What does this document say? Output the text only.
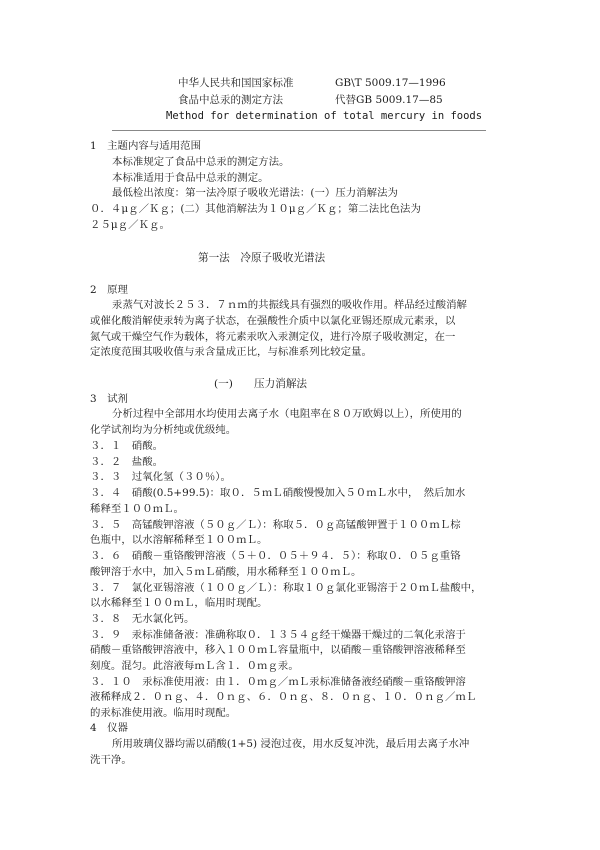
中华人民共和国国家标准	GB\T 5009.17—1996
食品中总汞的测定方法	代替GB 5009.17—85
Method for determination of total mercury in foods
1　主题内容与适用范围
本标准规定了食品中总汞的测定方法。
本标准适用于食品中总汞的测定。
最低检出浓度：第一法冷原子吸收光谱法：(一）压力消解法为
０．４μｇ／Ｋｇ；(二）其他消解法为１０μｇ／Ｋｇ；第二法比色法为
２５μｇ／Ｋｇ。
第一法　冷原子吸收光谱法
2　原理
汞蒸气对波长２５３．７ｎｍ的共振线具有强烈的吸收作用。样品经过酸消解
或催化酸消解使汞转为离子状态，在强酸性介质中以氯化亚锡还原成元素汞，以
氮气或干燥空气作为载体，将元素汞吹入汞测定仪，进行冷原子吸收测定，在一
定浓度范围其吸收值与汞含量成正比，与标准系列比较定量。
(一)　　压力消解法
3　试剂
分析过程中全部用水均使用去离子水（电阻率在８０万欧姆以上），所使用的
化学试剂均为分析纯或优级纯。
３．１　硝酸。
３．２　盐酸。
３．３　过氧化氢（３０％）。
３．４　硝酸(0.5+99.5)：取０．５ｍＬ硝酸慢慢加入５０ｍＬ水中，　然后加水
稀释至１００ｍＬ。
３．５　高锰酸钾溶液（５０ｇ／Ｌ）：称取５．０ｇ高锰酸钾置于１００ｍＬ棕
色瓶中，以水溶解稀释至１００ｍＬ。
３．６　硝酸－重铬酸钾溶液（５＋０．０５＋９４．５）：称取０．０５ｇ重铬
酸钾溶于水中，加入５ｍＬ硝酸，用水稀释至１００ｍＬ。
３．７　氯化亚锡溶液（１００ｇ／Ｌ）：称取１０ｇ氯化亚锡溶于２０ｍＬ盐酸中，
以水稀释至１００ｍＬ，临用时现配。
３．８　无水氯化钙。
３．９　汞标准储备液：准确称取０．１３５４ｇ经干燥器干燥过的二氧化汞溶于
硝酸－重铬酸钾溶液中，移入１００ｍＬ容量瓶中，以硝酸－重铬酸钾溶液稀释至
刻度。混匀。此溶液每ｍＬ含１．０ｍｇ汞。
３．１０　汞标准使用液：由１．０ｍｇ／ｍＬ汞标准储备液经硝酸－重铬酸钾溶
液稀释成２．０ｎｇ、４．０ｎｇ、６．０ｎｇ、８．０ｎｇ、１０．０ｎｇ／ｍＬ
的汞标准使用液。临用时现配。
4　仪器
所用玻璃仪器均需以硝酸(1+5) 浸泡过夜，用水反复冲洗，最后用去离子水冲
洗干净。
